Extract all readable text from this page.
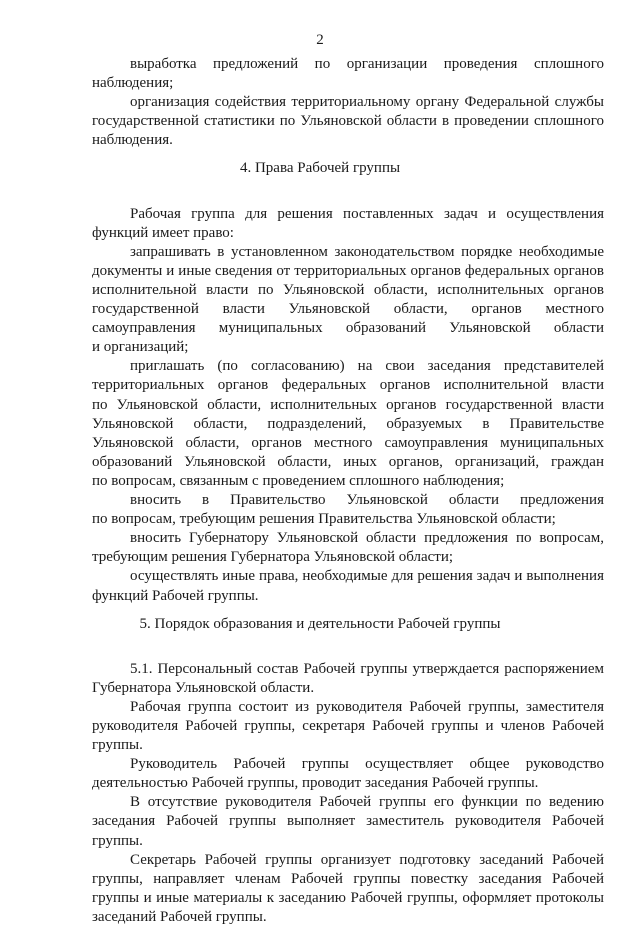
2
выработка предложений по организации проведения сплошного
наблюдения;
организация содействия территориальному органу Федеральной службы
государственной статистики по Ульяновской области в проведении сплошного
наблюдения.
4. Права Рабочей группы
Рабочая группа для решения поставленных задач и осуществления
функций имеет право:
запрашивать в установленном законодательством порядке необходимые
документы и иные сведения от территориальных органов федеральных органов
исполнительной власти по Ульяновской области, исполнительных органов
государственной власти Ульяновской области, органов местного
самоуправления муниципальных образований Ульяновской области
и организаций;
приглашать (по согласованию) на свои заседания представителей
территориальных органов федеральных органов исполнительной власти
по Ульяновской области, исполнительных органов государственной власти
Ульяновской области, подразделений, образуемых в Правительстве
Ульяновской области, органов местного самоуправления муниципальных
образований Ульяновской области, иных органов, организаций, граждан
по вопросам, связанным с проведением сплошного наблюдения;
вносить в Правительство Ульяновской области предложения
по вопросам, требующим решения Правительства Ульяновской области;
вносить Губернатору Ульяновской области предложения по вопросам,
требующим решения Губернатора Ульяновской области;
осуществлять иные права, необходимые для решения задач и выполнения
функций Рабочей группы.
5. Порядок образования и деятельности Рабочей группы
5.1. Персональный состав Рабочей группы утверждается распоряжением
Губернатора Ульяновской области.
Рабочая группа состоит из руководителя Рабочей группы, заместителя
руководителя Рабочей группы, секретаря Рабочей группы и членов Рабочей
группы.
Руководитель Рабочей группы осуществляет общее руководство
деятельностью Рабочей группы, проводит заседания Рабочей группы.
В отсутствие руководителя Рабочей группы его функции по ведению
заседания Рабочей группы выполняет заместитель руководителя Рабочей
группы.
Секретарь Рабочей группы организует подготовку заседаний Рабочей
группы, направляет членам Рабочей группы повестку заседания Рабочей
группы и иные материалы к заседанию Рабочей группы, оформляет протоколы
заседаний Рабочей группы.
